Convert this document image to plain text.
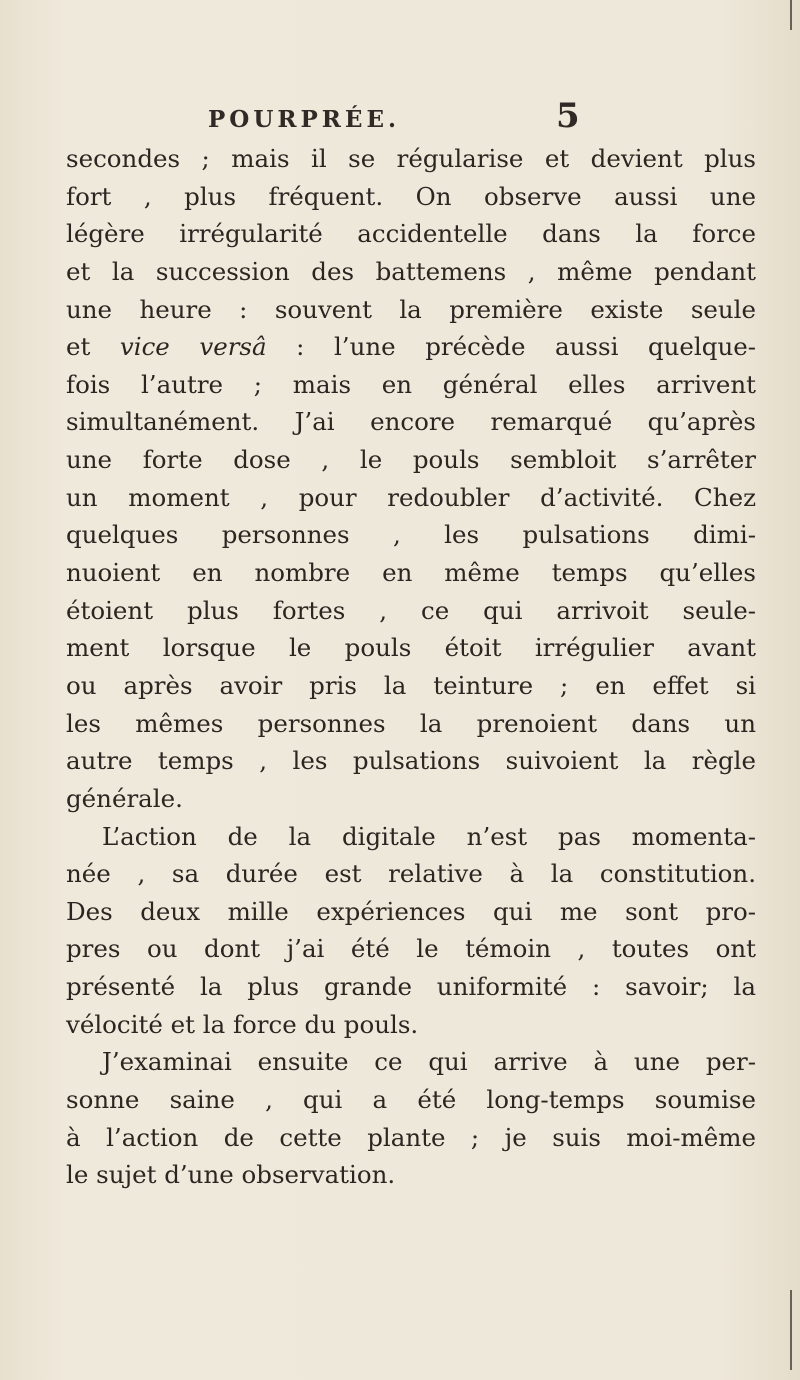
POURPRÉE.	5
secondes ; mais il se régularise et devient plus
fort , plus fréquent. On observe aussi une
légère irrégularité accidentelle dans la force
et la succession des battemens , même pendant
une heure : souvent la première existe seule
et vice versâ : l’une précède aussi quelque-
fois l’autre ; mais en général elles arrivent
simultanément. J’ai encore remarqué qu’après
une forte dose , le pouls sembloit s’arrêter
un moment , pour redoubler d’activité. Chez
quelques personnes , les pulsations dimi-
nuoient en nombre en même temps qu’elles
étoient plus fortes , ce qui arrivoit seule-
ment lorsque le pouls étoit irrégulier avant
ou après avoir pris la teinture ; en effet si
les mêmes personnes la prenoient dans un
autre temps , les pulsations suivoient la règle
générale.
L’action de la digitale n’est pas momenta-
née , sa durée est relative à la constitution.
Des deux mille expériences qui me sont pro-
pres ou dont j’ai été le témoin , toutes ont
présenté la plus grande uniformité : savoir; la
vélocité et la force du pouls.
J’examinai ensuite ce qui arrive à une per-
sonne saine , qui a été long-temps soumise
à l’action de cette plante ; je suis moi-même
le sujet d’une observation.
